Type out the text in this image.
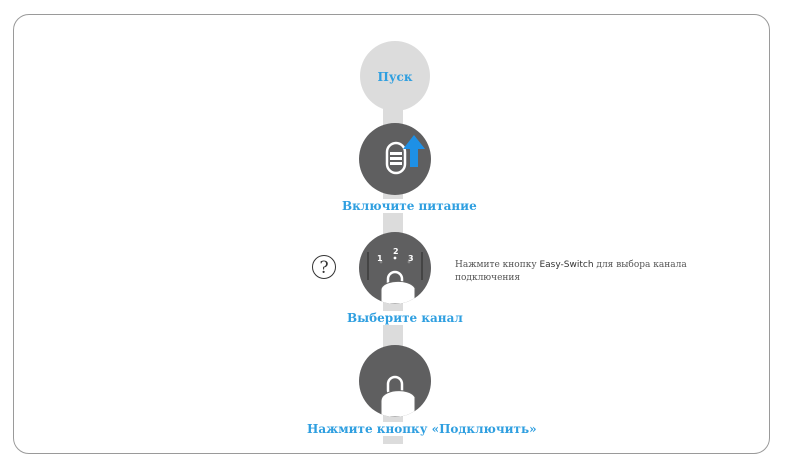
Пуск
Включите питание
?	1
2
3
Нажмите кнопку Easy-Switch для выбора канала подключения
Выберите канал
Нажмите кнопку «Подключить»
